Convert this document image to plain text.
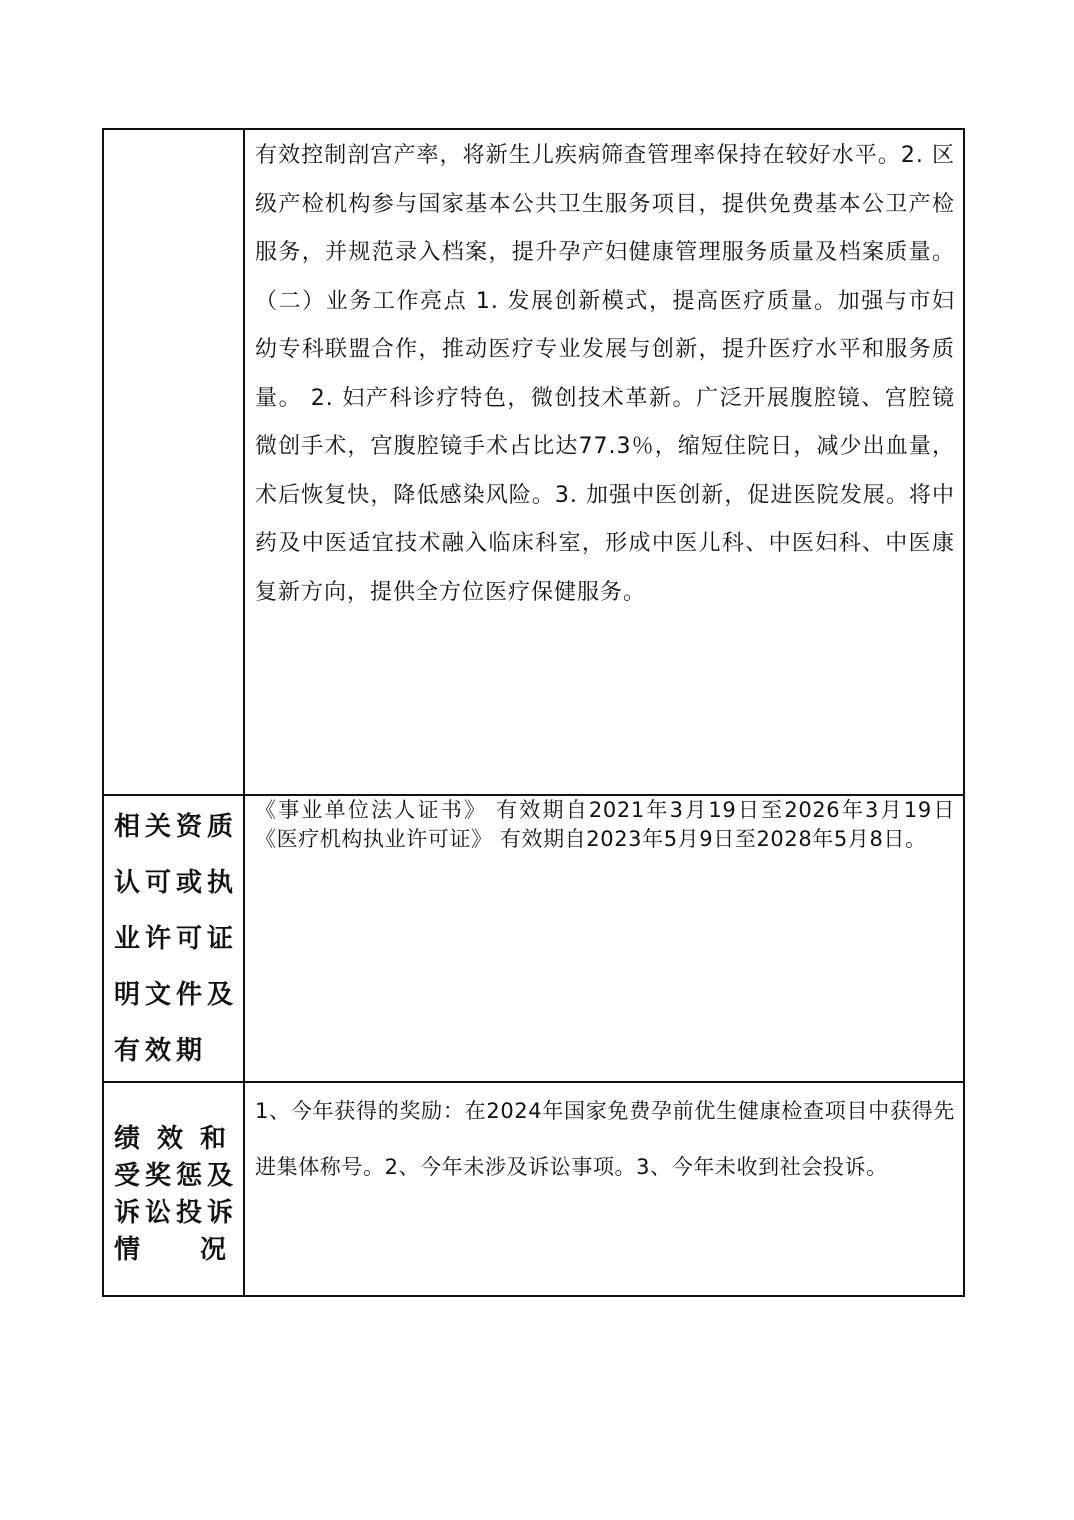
	有效控制剖宫产率，将新生儿疾病筛查管理率保持在较好水平。2. 区级产检机构参与国家基本公共卫生服务项目，提供免费基本公卫产检服务，并规范录入档案，提升孕产妇健康管理服务质量及档案质量。 （二）业务工作亮点 1. 发展创新模式，提高医疗质量。加强与市妇幼专科联盟合作，推动医疗专业发展与创新，提升医疗水平和服务质量。 2. 妇产科诊疗特色，微创技术革新。广泛开展腹腔镜、宫腔镜微创手术，宫腹腔镜手术占比达77.3％，缩短住院日，减少出血量，术后恢复快，降低感染风险。3. 加强中医创新，促进医院发展。将中药及中医适宜技术融入临床科室，形成中医儿科、中医妇科、中医康复新方向，提供全方位医疗保健服务。

相关资质
认可或执
业许可证
明文件及
有效期	《事业单位法人证书》 有效期自2021年3月19日至2026年3月19日 《医疗机构执业许可证》 有效期自2023年5月9日至2028年5月8日。

绩效和
受奖惩及
诉讼投诉
情况	1、今年获得的奖励：在2024年国家免费孕前优生健康检查项目中获得先进集体称号。2、今年未涉及诉讼事项。3、今年未收到社会投诉。
